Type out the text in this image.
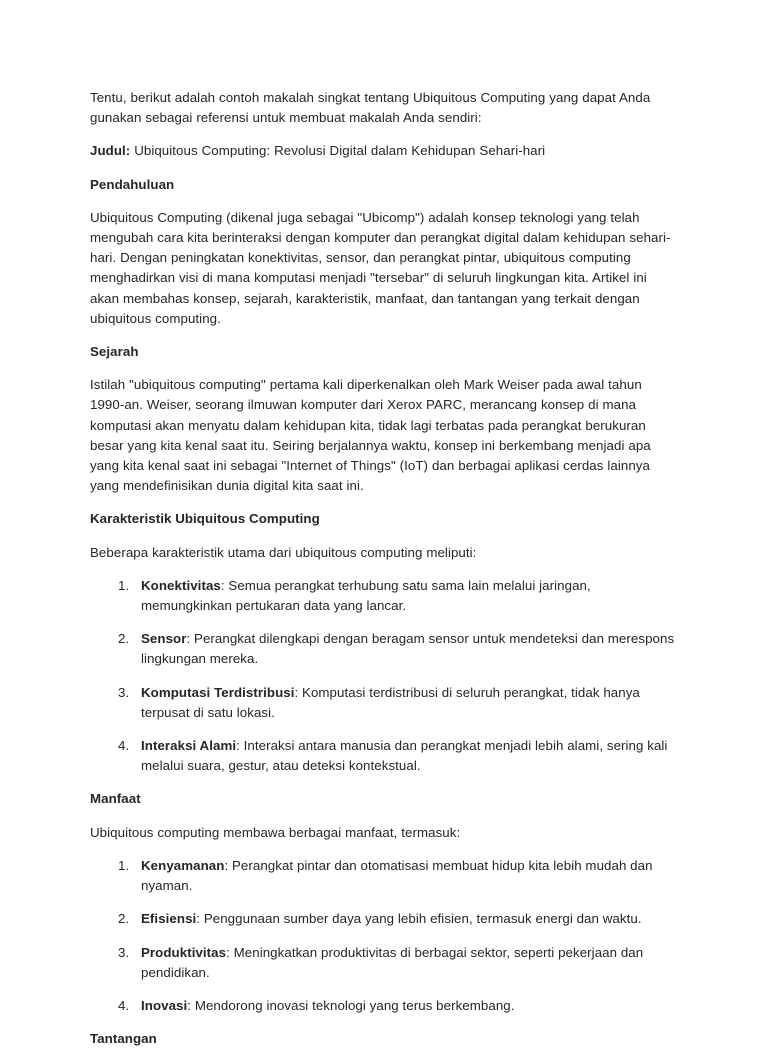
Tentu, berikut adalah contoh makalah singkat tentang Ubiquitous Computing yang dapat Anda gunakan sebagai referensi untuk membuat makalah Anda sendiri:

Judul: Ubiquitous Computing: Revolusi Digital dalam Kehidupan Sehari-hari

Pendahuluan

Ubiquitous Computing (dikenal juga sebagai "Ubicomp") adalah konsep teknologi yang telah mengubah cara kita berinteraksi dengan komputer dan perangkat digital dalam kehidupan sehari-hari. Dengan peningkatan konektivitas, sensor, dan perangkat pintar, ubiquitous computing menghadirkan visi di mana komputasi menjadi "tersebar" di seluruh lingkungan kita. Artikel ini akan membahas konsep, sejarah, karakteristik, manfaat, dan tantangan yang terkait dengan ubiquitous computing.

Sejarah

Istilah "ubiquitous computing" pertama kali diperkenalkan oleh Mark Weiser pada awal tahun 1990-an. Weiser, seorang ilmuwan komputer dari Xerox PARC, merancang konsep di mana komputasi akan menyatu dalam kehidupan kita, tidak lagi terbatas pada perangkat berukuran besar yang kita kenal saat itu. Seiring berjalannya waktu, konsep ini berkembang menjadi apa yang kita kenal saat ini sebagai "Internet of Things" (IoT) dan berbagai aplikasi cerdas lainnya yang mendefinisikan dunia digital kita saat ini.

Karakteristik Ubiquitous Computing

Beberapa karakteristik utama dari ubiquitous computing meliputi:

Konektivitas: Semua perangkat terhubung satu sama lain melalui jaringan, memungkinkan pertukaran data yang lancar.
Sensor: Perangkat dilengkapi dengan beragam sensor untuk mendeteksi dan merespons lingkungan mereka.
Komputasi Terdistribusi: Komputasi terdistribusi di seluruh perangkat, tidak hanya terpusat di satu lokasi.
Interaksi Alami: Interaksi antara manusia dan perangkat menjadi lebih alami, sering kali melalui suara, gestur, atau deteksi kontekstual.
Manfaat

Ubiquitous computing membawa berbagai manfaat, termasuk:

Kenyamanan: Perangkat pintar dan otomatisasi membuat hidup kita lebih mudah dan nyaman.
Efisiensi: Penggunaan sumber daya yang lebih efisien, termasuk energi dan waktu.
Produktivitas: Meningkatkan produktivitas di berbagai sektor, seperti pekerjaan dan pendidikan.
Inovasi: Mendorong inovasi teknologi yang terus berkembang.
Tantangan
